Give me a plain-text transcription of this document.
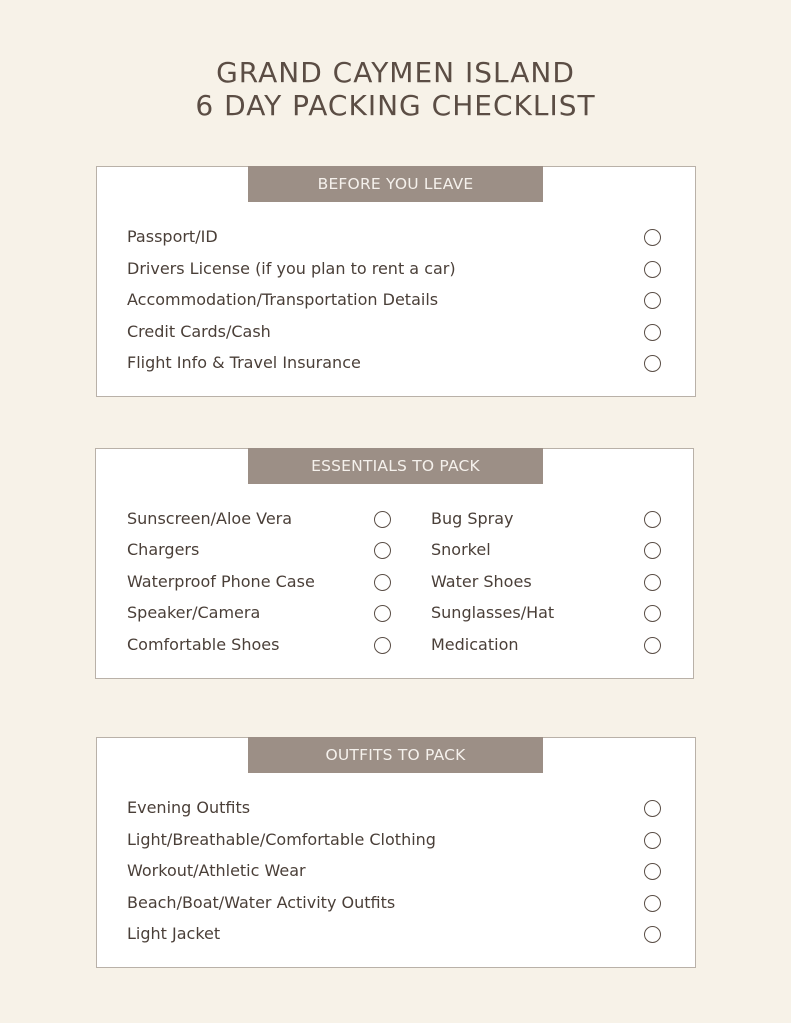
GRAND CAYMEN ISLAND
6 DAY PACKING CHECKLIST
BEFORE YOU LEAVE
Passport/ID
Drivers License (if you plan to rent a car)
Accommodation/Transportation Details
Credit Cards/Cash
Flight Info & Travel Insurance
ESSENTIALS TO PACK
Sunscreen/Aloe Vera
Chargers
Waterproof Phone Case
Speaker/Camera
Comfortable Shoes
Bug Spray
Snorkel
Water Shoes
Sunglasses/Hat
Medication
OUTFITS TO PACK
Evening Outfits
Light/Breathable/Comfortable Clothing
Workout/Athletic Wear
Beach/Boat/Water Activity Outfits
Light Jacket
